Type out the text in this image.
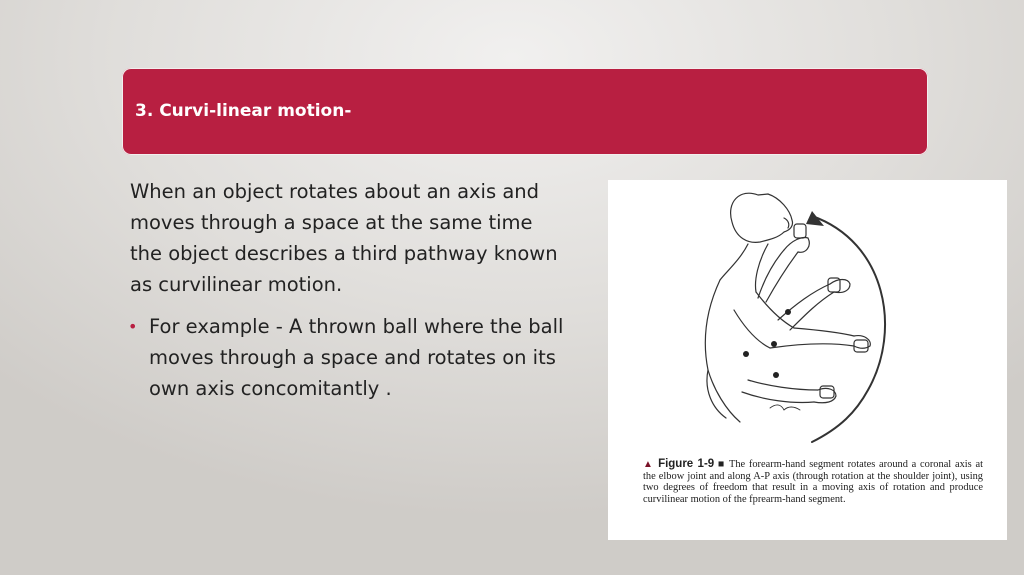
3. Curvi-linear motion-

When an object rotates about an axis and moves through a space at the same time the object describes a third pathway known as curvilinear motion.

• For example - A thrown ball where the ball moves through a space and rotates on its own axis concomitantly .
▲ Figure 1-9 ■ The forearm-hand segment rotates around a coronal axis at the elbow joint and along A-P axis (through rotation at the shoulder joint), using two degrees of freedom that result in a moving axis of rotation and produce curvilinear motion of the fprearm-hand segment.
